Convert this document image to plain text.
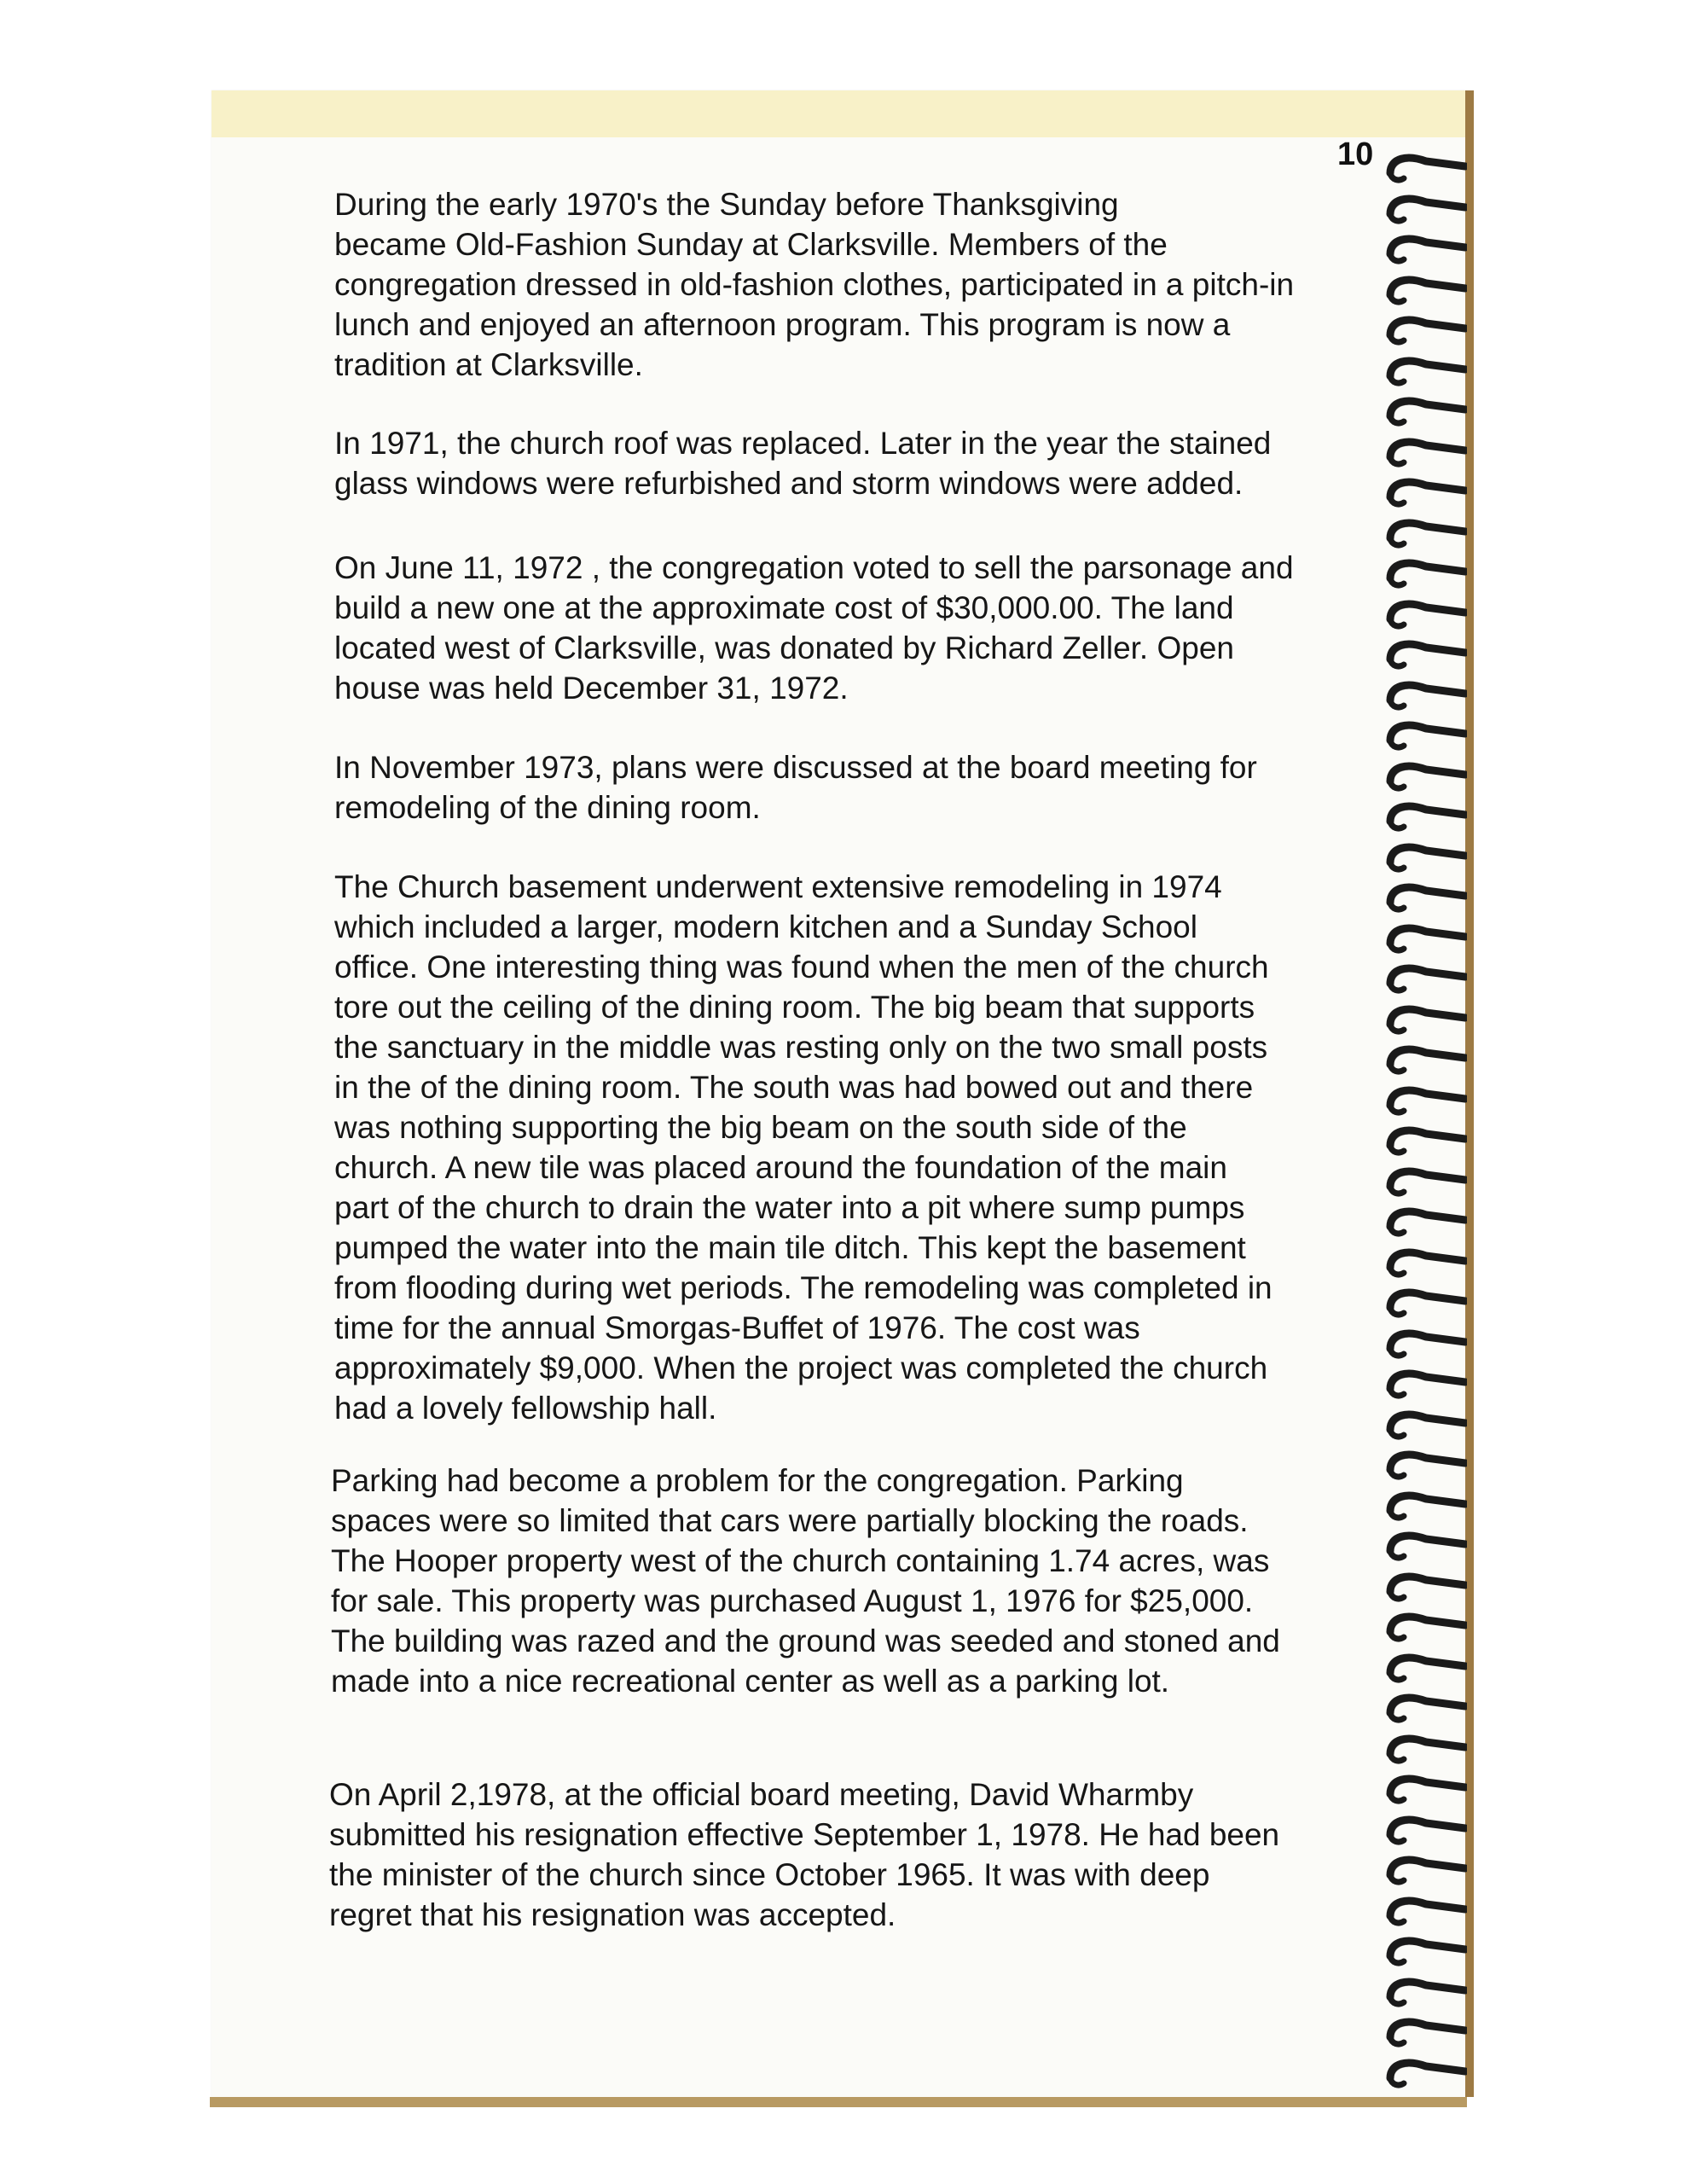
10

During the early 1970's the Sunday before Thanksgiving
became Old-Fashion Sunday at Clarksville. Members of the
congregation dressed in old-fashion clothes, participated in a pitch-in
lunch and enjoyed an afternoon program. This program is now a
tradition at Clarksville.

In 1971, the church roof was replaced. Later in the year the stained
glass windows were refurbished and storm windows were added.

On June 11, 1972 , the congregation voted to sell the parsonage and
build a new one at the approximate cost of $30,000.00. The land
located west of Clarksville, was donated by Richard Zeller. Open
house was held December 31, 1972.

In November 1973, plans were discussed at the board meeting for
remodeling of the dining room.

The Church basement underwent extensive remodeling in 1974
which included a larger, modern kitchen and a Sunday School
office. One interesting thing was found when the men of the church
tore out the ceiling of the dining room. The big beam that supports
the sanctuary in the middle was resting only on the two small posts
in the of the dining room. The south was had bowed out and there
was nothing supporting the big beam on the south side of the
church. A new tile was placed around the foundation of the main
part of the church to drain the water into a pit where sump pumps
pumped the water into the main tile ditch. This kept the basement
from flooding during wet periods. The remodeling was completed in
time for the annual Smorgas-Buffet of 1976. The cost was
approximately $9,000. When the project was completed the church
had a lovely fellowship hall.

Parking had become a problem for the congregation. Parking
spaces were so limited that cars were partially blocking the roads.
The Hooper property west of the church containing 1.74 acres, was
for sale. This property was purchased August 1, 1976 for $25,000.
The building was razed and the ground was seeded and stoned and
made into a nice recreational center as well as a parking lot.

On April 2,1978, at the official board meeting, David Wharmby
submitted his resignation effective September 1, 1978. He had been
the minister of the church since October 1965. It was with deep
regret that his resignation was accepted.
